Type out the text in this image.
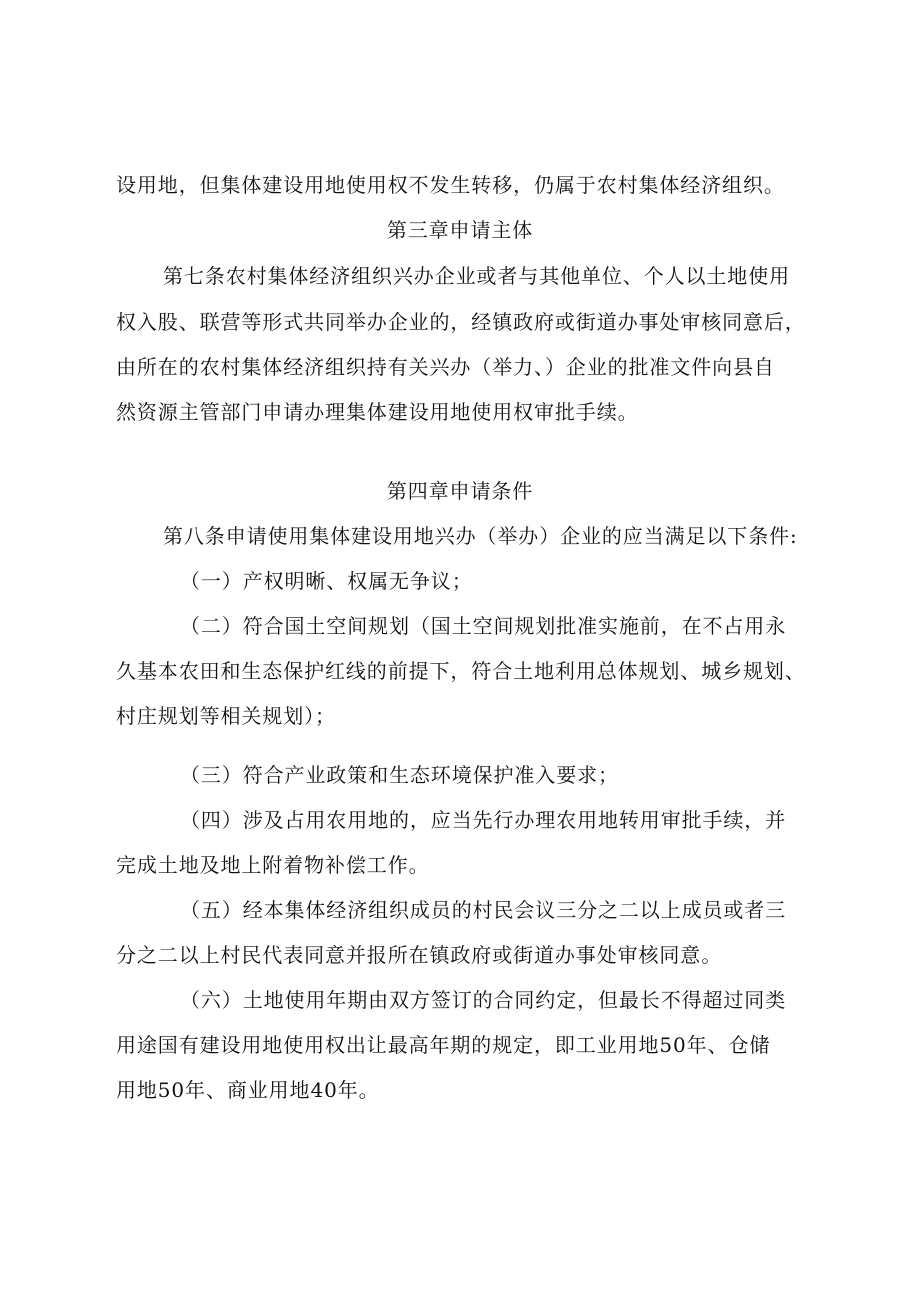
设用地，但集体建设用地使用权不发生转移，仍属于农村集体经济组织。

第三章申请主体

第七条农村集体经济组织兴办企业或者与其他单位、个人以土地使用

权入股、联营等形式共同举办企业的，经镇政府或街道办事处审核同意后，

由所在的农村集体经济组织持有关兴办（举力、）企业的批准文件向县自

然资源主管部门申请办理集体建设用地使用权审批手续。

第四章申请条件

第八条申请使用集体建设用地兴办（举办）企业的应当满足以下条件:

（一）产权明晰、权属无争议；

（二）符合国土空间规划（国土空间规划批准实施前，在不占用永

久基本农田和生态保护红线的前提下，符合土地利用总体规划、城乡规划、

村庄规划等相关规划）；

（三）符合产业政策和生态环境保护准入要求；

（四）涉及占用农用地的，应当先行办理农用地转用审批手续，并

完成土地及地上附着物补偿工作。

（五）经本集体经济组织成员的村民会议三分之二以上成员或者三

分之二以上村民代表同意并报所在镇政府或街道办事处审核同意。

（六）土地使用年期由双方签订的合同约定，但最长不得超过同类

用途国有建设用地使用权出让最高年期的规定，即工业用地50年、仓储

用地50年、商业用地40年。
